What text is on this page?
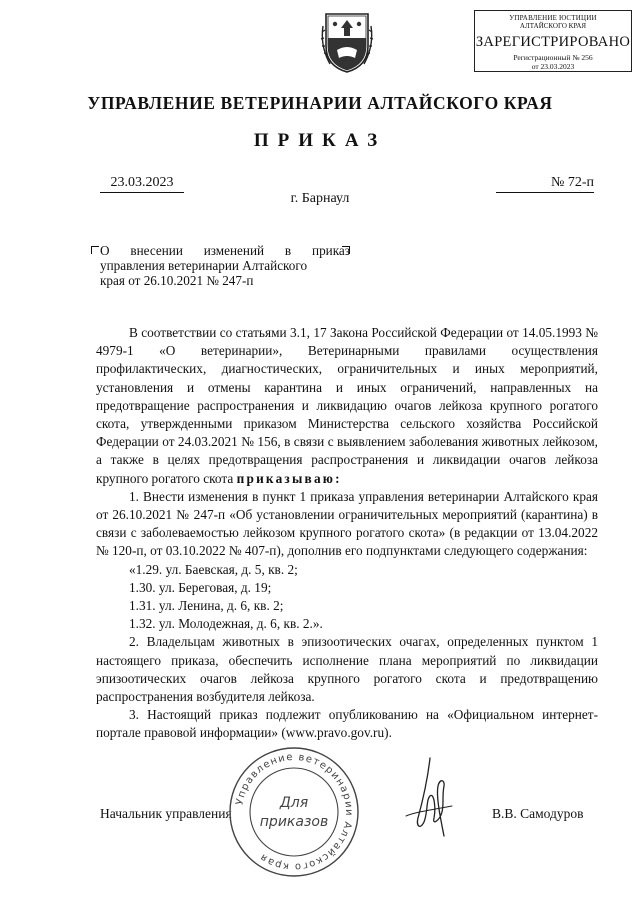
УПРАВЛЕНИЕ ЮСТИЦИИ
АЛТАЙСКОГО КРАЯ
ЗАРЕГИСТРИРОВАНО
Регистрационный № 256
от 23.03.2023
УПРАВЛЕНИЕ ВЕТЕРИНАРИИ АЛТАЙСКОГО КРАЯ
ПРИКАЗ
23.03.2023	№ 72-п
г. Барнаул
О внесении изменений в приказ
управления ветеринарии Алтайского
края от 26.10.2021 № 247-п

В соответствии со статьями 3.1, 17 Закона Российской Федерации от 14.05.1993 № 4979-1 «О ветеринарии», Ветеринарными правилами осуществления профилактических, диагностических, ограничительных и иных мероприятий, установления и отмены карантина и иных ограничений, направленных на предотвращение распространения и ликвидацию очагов лейкоза крупного рогатого скота, утвержденными приказом Министерства сельского хозяйства Российской Федерации от 24.03.2021 № 156, в связи с выявлением заболевания животных лейкозом, а также в целях предотвращения распространения и ликвидации очагов лейкоза крупного рогатого скота приказываю:

1. Внести изменения в пункт 1 приказа управления ветеринарии Алтайского края от 26.10.2021 № 247-п «Об установлении ограничительных мероприятий (карантина) в связи с заболеваемостью лейкозом крупного рогатого скота» (в редакции от 13.04.2022 № 120-п, от 03.10.2022 № 407-п), дополнив его подпунктами следующего содержания:

«1.29. ул. Баевская, д. 5, кв. 2;

1.30. ул. Береговая, д. 19;

1.31. ул. Ленина, д. 6, кв. 2;

1.32. ул. Молодежная, д. 6, кв. 2.».

2. Владельцам животных в эпизоотических очагах, определенных пунктом 1 настоящего приказа, обеспечить исполнение плана мероприятий по ликвидации эпизоотических очагов лейкоза крупного рогатого скота и предотвращению распространения возбудителя лейкоза.

3. Настоящий приказ подлежит опубликованию на «Официальном интернет-портале правовой информации» (www.pravo.gov.ru).

Начальник управления	В.В. Самодуров
Управление ветеринарии Алтайского края
Для
приказов
